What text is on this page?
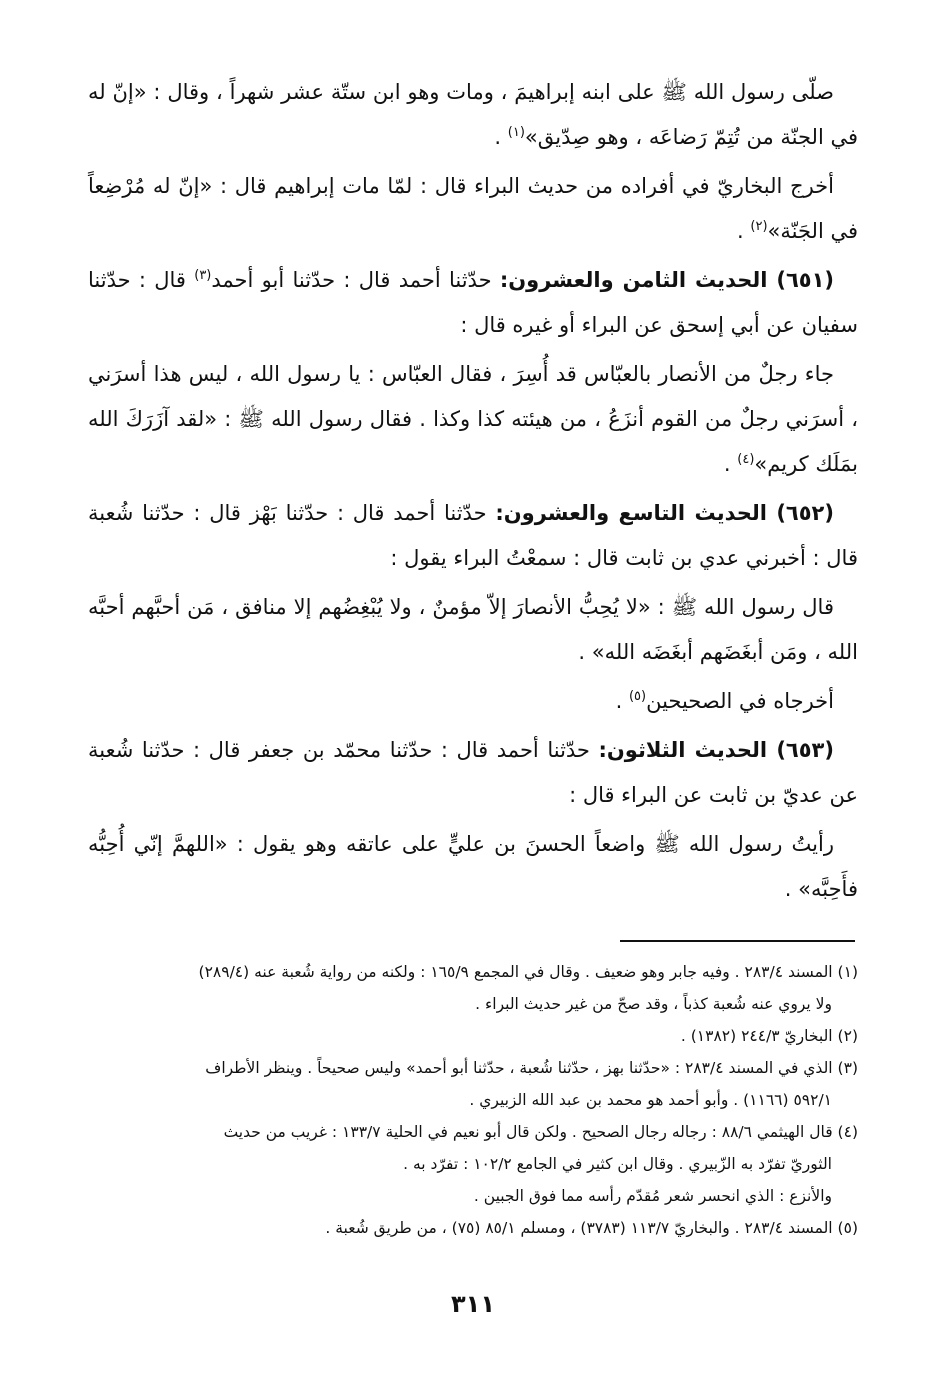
صلّى رسول الله ﷺ على ابنه إبراهيمَ ، ومات وهو ابن ستّة عشر شهراً ، وقال : «إنّ له في الجنّة من تُتِمّ رَضاعَه ، وهو صِدّيق»$^{(١)}$ .

أخرج البخاريّ في أفراده من حديث البراء قال : لمّا مات إبراهيم قال : «إنّ له مُرْضِعاً في الجَنّة»$^{(٢)}$ .

(٦٥١) الحديث الثامن والعشرون: حدّثنا أحمد قال : حدّثنا أبو أحمد$^{(٣)}$ قال : حدّثنا سفيان عن أبي إسحق عن البراء أو غيره قال :

جاء رجلٌ من الأنصار بالعبّاس قد أُسِرَ ، فقال العبّاس : يا رسول الله ، ليس هذا أسرَني ، أسرَني رجلٌ من القوم أنزَعُ ، من هيئته كذا وكذا . فقال رسول الله ﷺ : «لقد آزَرَكَ الله بمَلَك كريم»$^{(٤)}$ .

(٦٥٢) الحديث التاسع والعشرون: حدّثنا أحمد قال : حدّثنا بَهْز قال : حدّثنا شُعبة قال : أخبرني عدي بن ثابت قال : سمعْتُ البراء يقول :

قال رسول الله ﷺ : «لا يُحِبُّ الأنصارَ إلاّ مؤمنٌ ، ولا يُبْغِضُهم إلا منافق ، مَن أحبَّهم أحبَّه الله ، ومَن أبغَضَهم أبغَضَه الله» .

أخرجاه في الصحيحين$^{(٥)}$ .

(٦٥٣) الحديث الثلاثون: حدّثنا أحمد قال : حدّثنا محمّد بن جعفر قال : حدّثنا شُعبة عن عديّ بن ثابت عن البراء قال :

رأيتُ رسول الله ﷺ واضعاً الحسنَ بن عليٍّ على عاتقه وهو يقول : «اللهمَّ إنّي أُحِبُّه فأَحِبَّه» .

(١) المسند ٢٨٣/٤ . وفيه جابر وهو ضعيف . وقال في المجمع ١٦٥/٩ : ولكنه من رواية شُعبة عنه (٢٨٩/٤)
ولا يروي عنه شُعبة كذباً ، وقد صحّ من غير حديث البراء .
(٢) البخاريّ ٢٤٤/٣ (١٣٨٢) .
(٣) الذي في المسند ٢٨٣/٤ : «حدّثنا بهز ، حدّثنا شُعبة ، حدّثنا أبو أحمد» وليس صحيحاً . وينظر الأطراف
٥٩٢/١ (١١٦٦) . وأبو أحمد هو محمد بن عبد الله الزبيري .
(٤) قال الهيثمي ٨٨/٦ : رجاله رجال الصحيح . ولكن قال أبو نعيم في الحلية ١٣٣/٧ : غريب من حديث
الثوريّ تفرّد به الزّبيري . وقال ابن كثير في الجامع ١٠٢/٢ : تفرّد به .
والأنزع : الذي انحسر شعر مُقدّم رأسه مما فوق الجبين .
(٥) المسند ٢٨٣/٤ . والبخاريّ ١١٣/٧ (٣٧٨٣) ، ومسلم ٨٥/١ (٧٥) ، من طريق شُعبة .
٣١١
